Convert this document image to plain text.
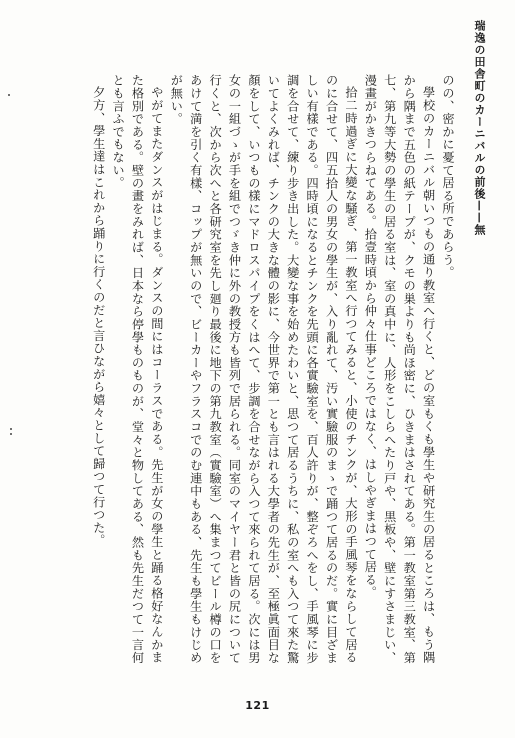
瑞逸の田舎町のカーニバルの前後——無

のの、密かに憂て居る所であらう。

學校のカーニバル朝いつもの通り教室へ行くと、どの室もくも學生や研究生の居るところは、もう隅から隅まで五色の紙テープが、クモの巣よりも尚ほ密に、ひきまはされてある。第一教室第三教室、第七、第九等大勢の學生の居る室は、室の真中に、人形をこしらへたり戸や、黒板や、壁にすさまじい、漫畫がかきつらねてある。拾壹時頃から仲々仕事どころではなく、はしやぎまはつて居る。

拾二時過ぎに大變な騒ぎ、第一教室へ行つてみると、小使のチンクが、大形の手風琴をならして居るのに合せて、四五拾人の男女の學生が、入り亂れて、汚い實驗服のまゝで踊つて居るのだ。實に目ざましい有樣である。四時頃になるとチンクを先頭に各實驗室を、百人許りが、整ぞろへをし、手風琴に步調を合せて、練り步き出した。大變な事を始めたわいと、思つて居るうちに、私の室へも入つて來た驚いてよくみれば、チンクの大きな體の影に、今世界で第一とも言はれる大學者の先生が、至極眞面目な顏をして、いつもの樣にマドロスパイプをくはへて、步調を合せながら入つて來られて居る。次には男女の一組づゝが手を組でつゞき仲に外の教授方も皆列で居られる。同室のマイヤー君と皆の尻について行くと、次から次へと各研究室を先し廻り最後に地下の第九教室（實驗室）へ集まつてビール樽の口をあけて満を引く有樣、コップが無いので、ビーカーやフラスコでのむ連中もある、先生も學生もけじめが無い。

やがてまたダンスがはじまる。ダンスの間にはコーラスである。先生が女の學生と踊る格好なんかまた格別である。壁の畫をみれば、日本なら停學ものものが、堂々と物してある、然も先生だつて一言何とも言ふでもない。

夕方、學生達はこれから踊りに行くのだと言ひながら嬉々として歸つて行つた。

121
